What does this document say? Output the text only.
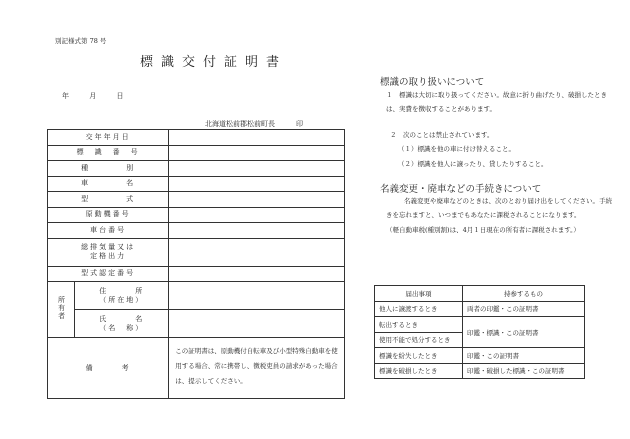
別記様式第 78 号
標識交付証明書
年 月 日
北海道松前郡松前町長　　　印
交年年月日		
標　識　番　号		
種　　　　別		
車　　　　名		
型　　　　式		
原動機番号		
車台番号		
総排気量又は
定格出力		
型式認定番号		
所有者	住　　　所
（所在地）	
	氏　　　名
（名　称）	
備　　　考		この証明書は、原動機付自転車及び小型特殊自動車を使用する場合、常に携帯し、徴税吏員の請求があった場合は、提示してください。
標識の取り扱いについて
１　標識は大切に取り扱ってください。故意に折り曲げたり、破損したときは、実費を徴収することがあります。
２　次のことは禁止されています。
（１）標識を他の車に付け替えること。
（２）標識を他人に譲ったり、貸したりすること。
名義変更・廃車などの手続きについて
名義変更や廃車などのときは、次のとおり届け出をしてください。手続きを忘れますと、いつまでもあなたに課税されることになります。
（軽自動車税(種別割)は、4月１日現在の所有者に課税されます。）
届出事項	持参するもの
他人に譲渡するとき	両者の印鑑・この証明書
転出するとき	印鑑・標識・この証明書
使用不能で処分するとき	
標識を紛失したとき	印鑑・この証明書
標識を破損したとき	印鑑・破損した標識・この証明書
